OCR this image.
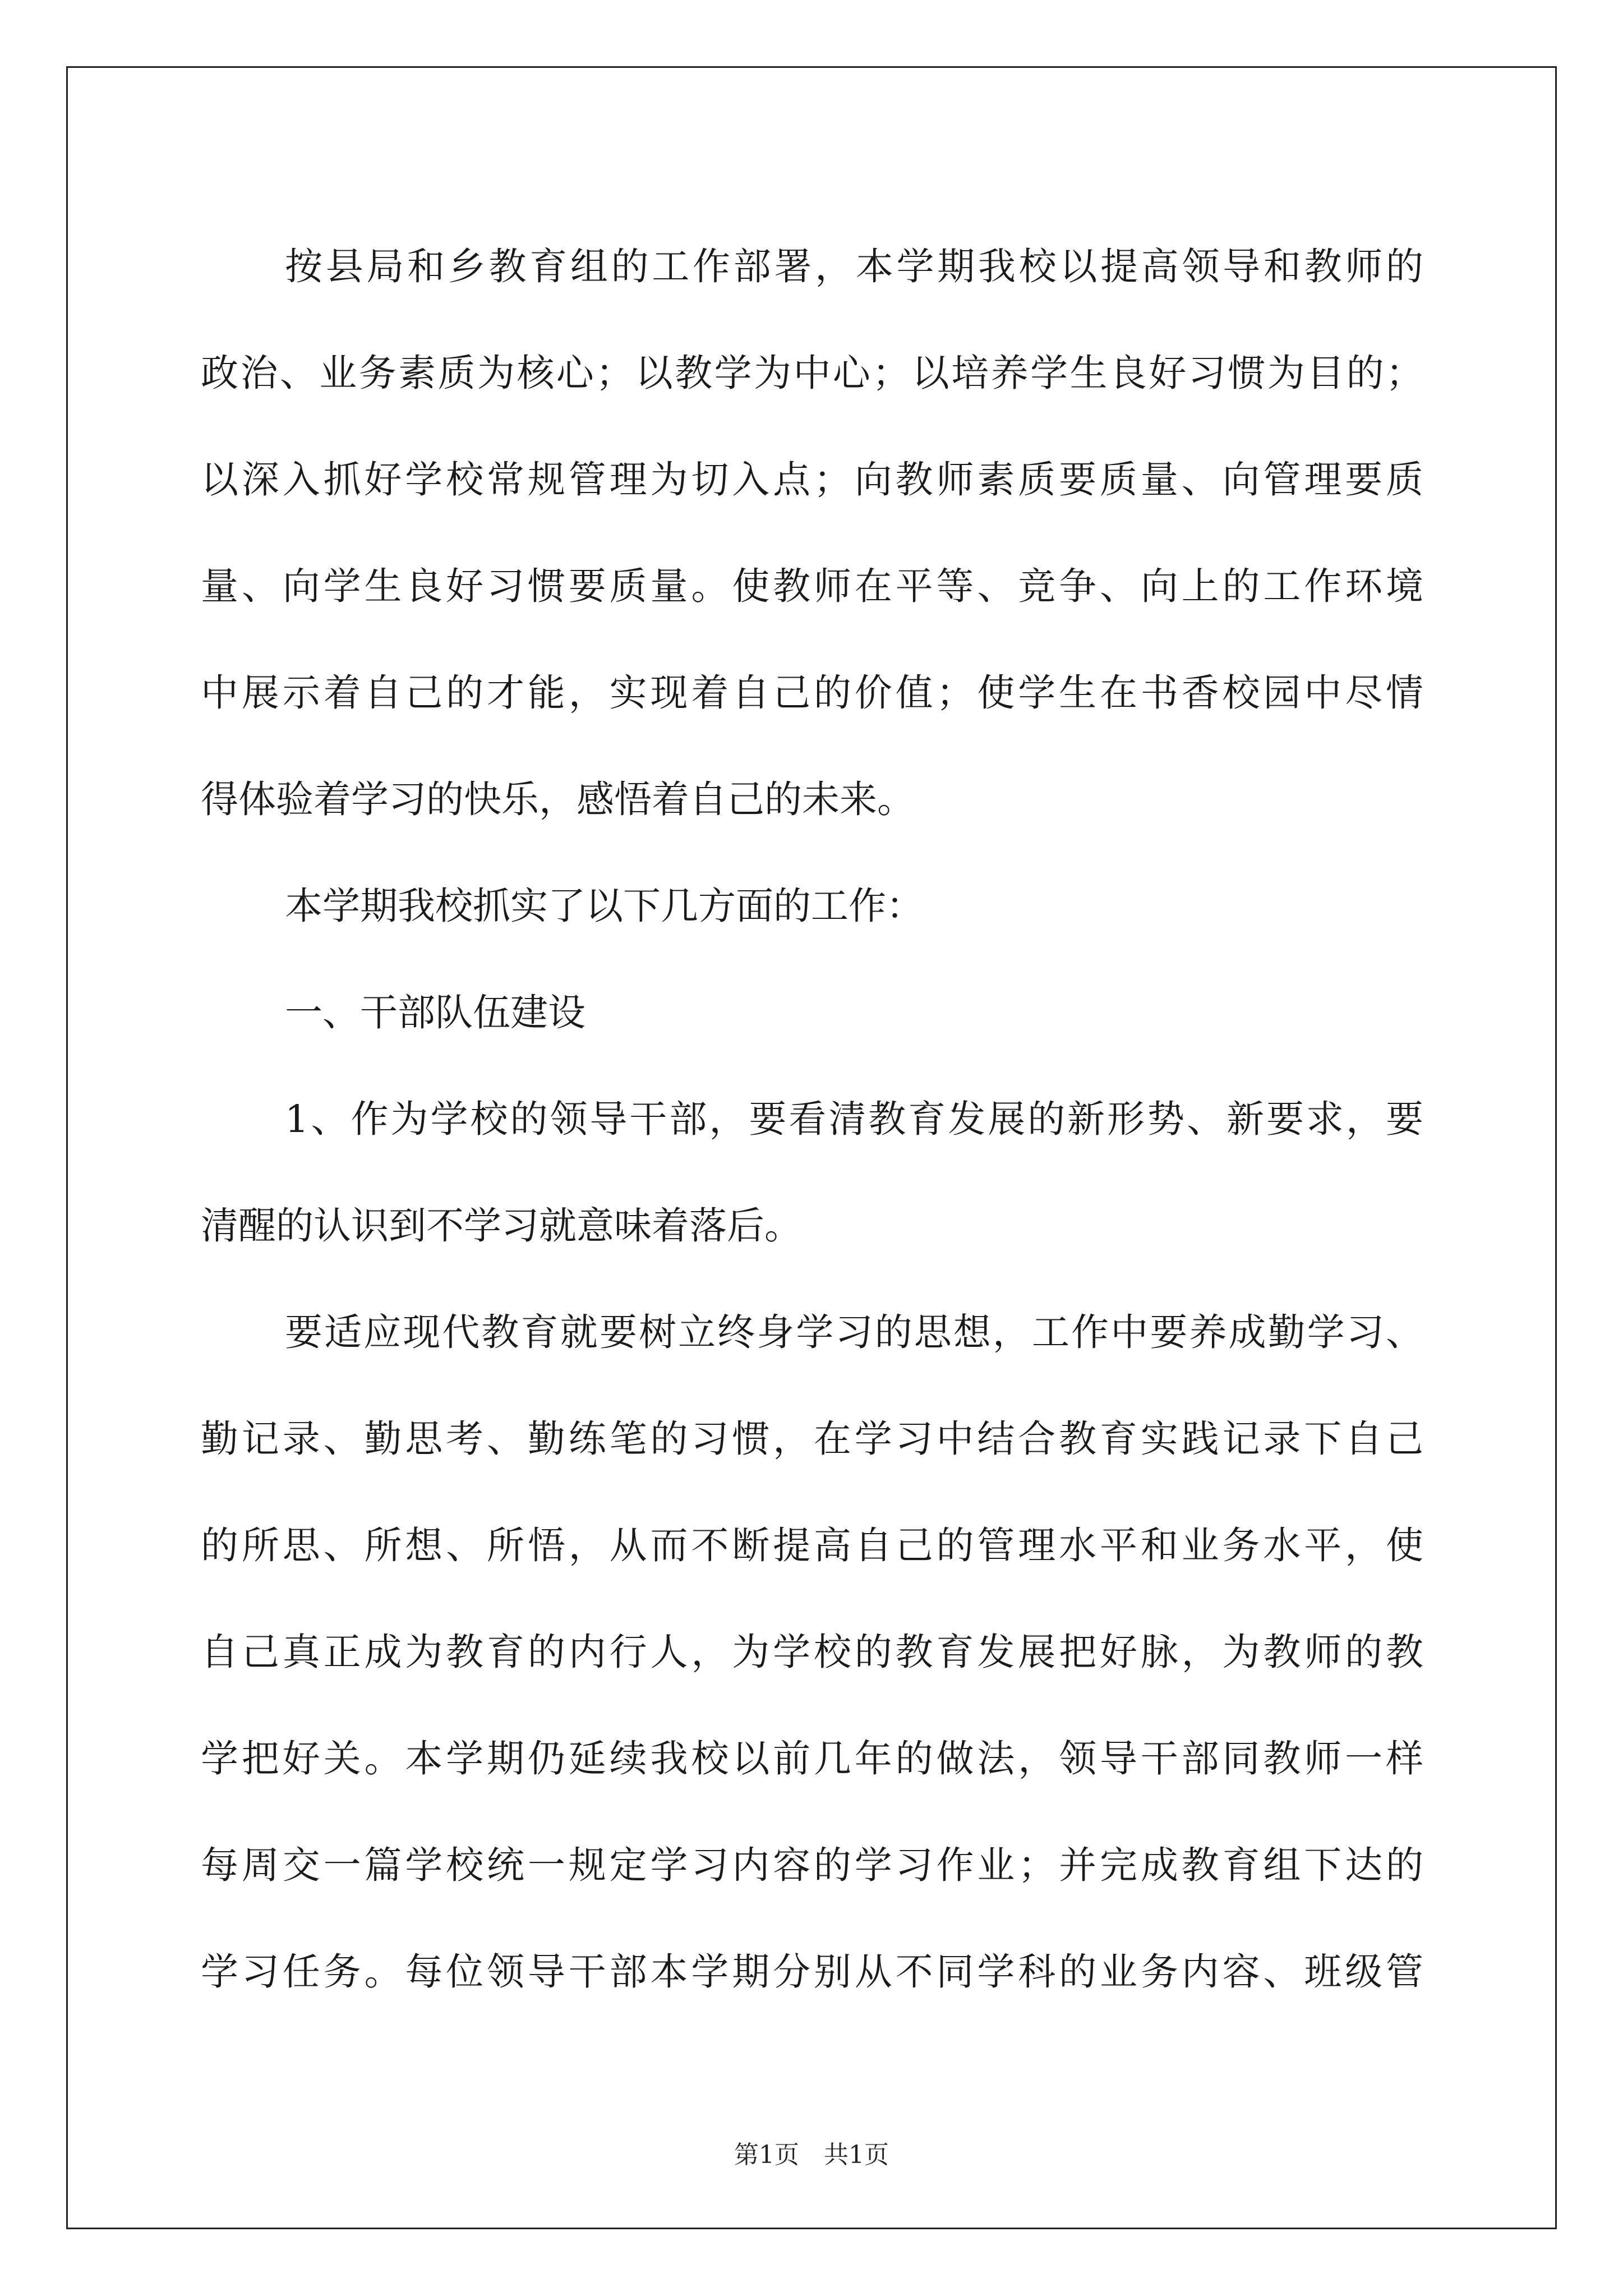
按县局和乡教育组的工作部署，本学期我校以提高领导和教师的
政治、业务素质为核心；以教学为中心；以培养学生良好习惯为目的；
以深入抓好学校常规管理为切入点；向教师素质要质量、向管理要质
量、向学生良好习惯要质量。使教师在平等、竞争、向上的工作环境
中展示着自己的才能，实现着自己的价值；使学生在书香校园中尽情
得体验着学习的快乐，感悟着自己的未来。
本学期我校抓实了以下几方面的工作：
一、干部队伍建设
1、作为学校的领导干部，要看清教育发展的新形势、新要求，要
清醒的认识到不学习就意味着落后。
要适应现代教育就要树立终身学习的思想，工作中要养成勤学习、
勤记录、勤思考、勤练笔的习惯，在学习中结合教育实践记录下自己
的所思、所想、所悟，从而不断提高自己的管理水平和业务水平，使
自己真正成为教育的内行人，为学校的教育发展把好脉，为教师的教
学把好关。本学期仍延续我校以前几年的做法，领导干部同教师一样
每周交一篇学校统一规定学习内容的学习作业；并完成教育组下达的
学习任务。每位领导干部本学期分别从不同学科的业务内容、班级管
第1页　共1页
